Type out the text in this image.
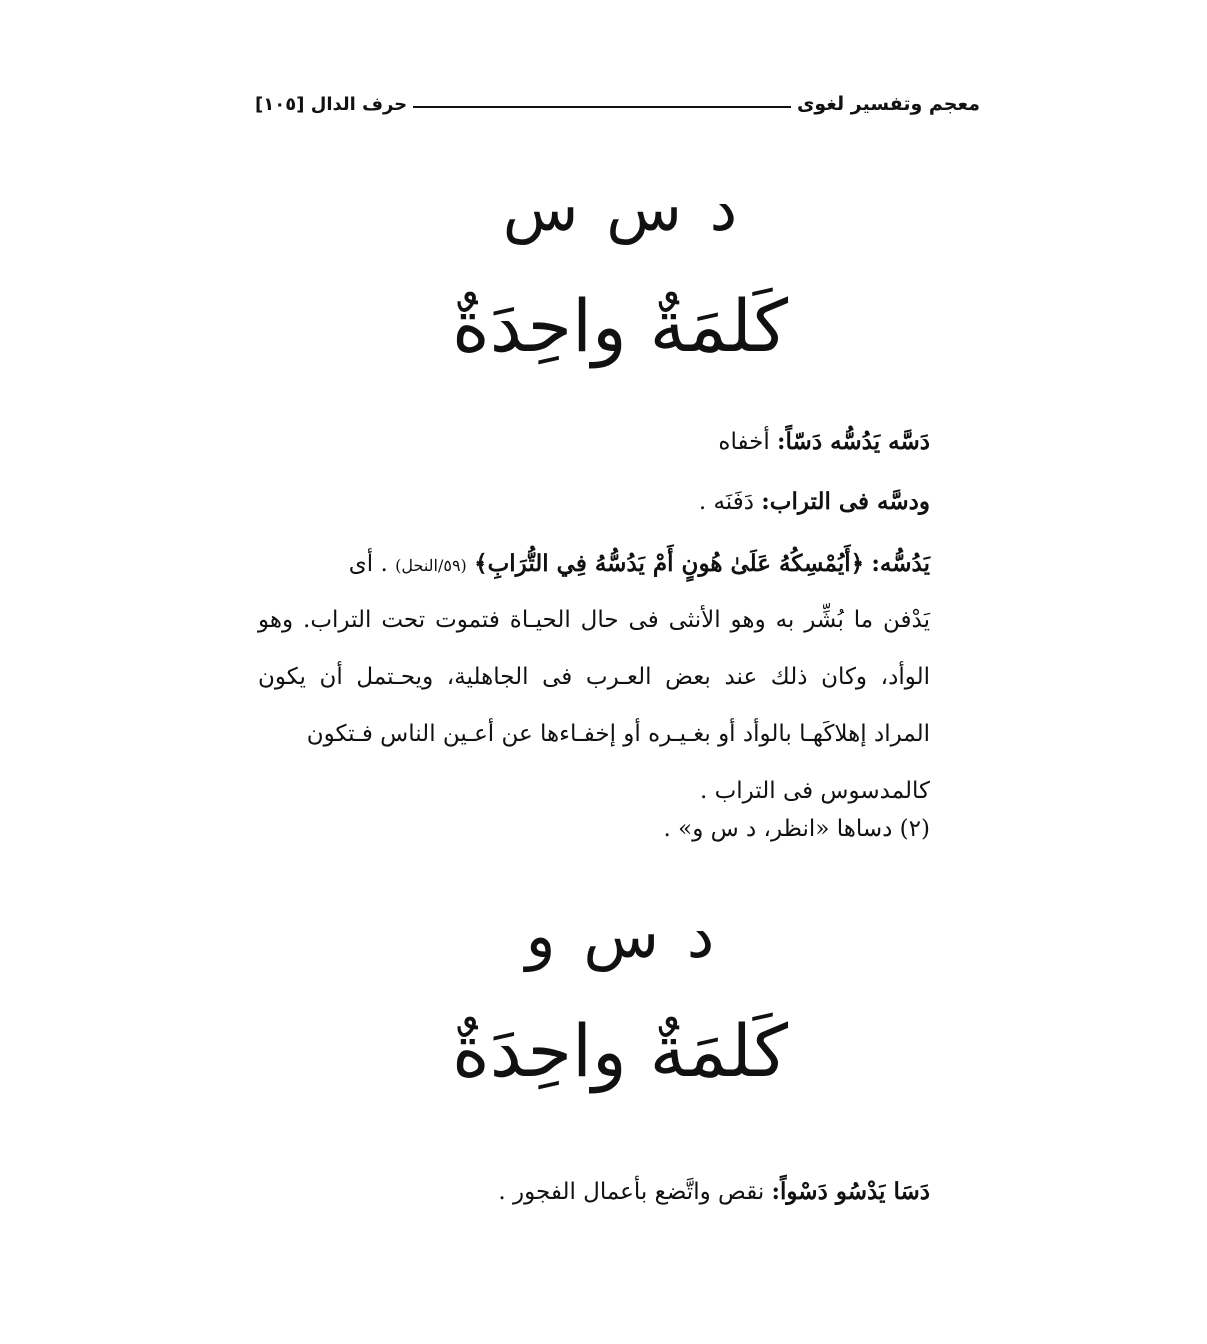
معجم وتفسير لغوى
حرف الدال [١٠٥]
د س س
كَلمَةٌ واحِدَةٌ
دَسَّه يَدُسُّه دَسّاً: أخفاه
ودسَّه فى التراب: دَفَنَه .
يَدُسُّه: ﴿أَيُمْسِكُهُ عَلَىٰ هُونٍ أَمْ يَدُسُّهُ فِي التُّرَابِ﴾ (٥٩/النحل) . أى
يَدْفن ما بُشِّر به وهو الأنثى فى حال الحيـاة فتموت تحت التراب. وهو الوأد، وكان ذلك عند بعض العـرب فى الجاهلية، ويحـتمل أن يكون المراد إهلاكَهـا بالوأد أو بغـيـره أو إخفـاءها عن أعـين الناس فـتكون
كالمدسوس فى التراب .
(٢) دساها «انظر، د س و» .
د س و
كَلمَةٌ واحِدَةٌ
دَسَا يَدْسُو دَسْواً: نقص واتَّضع بأعمال الفجور .
